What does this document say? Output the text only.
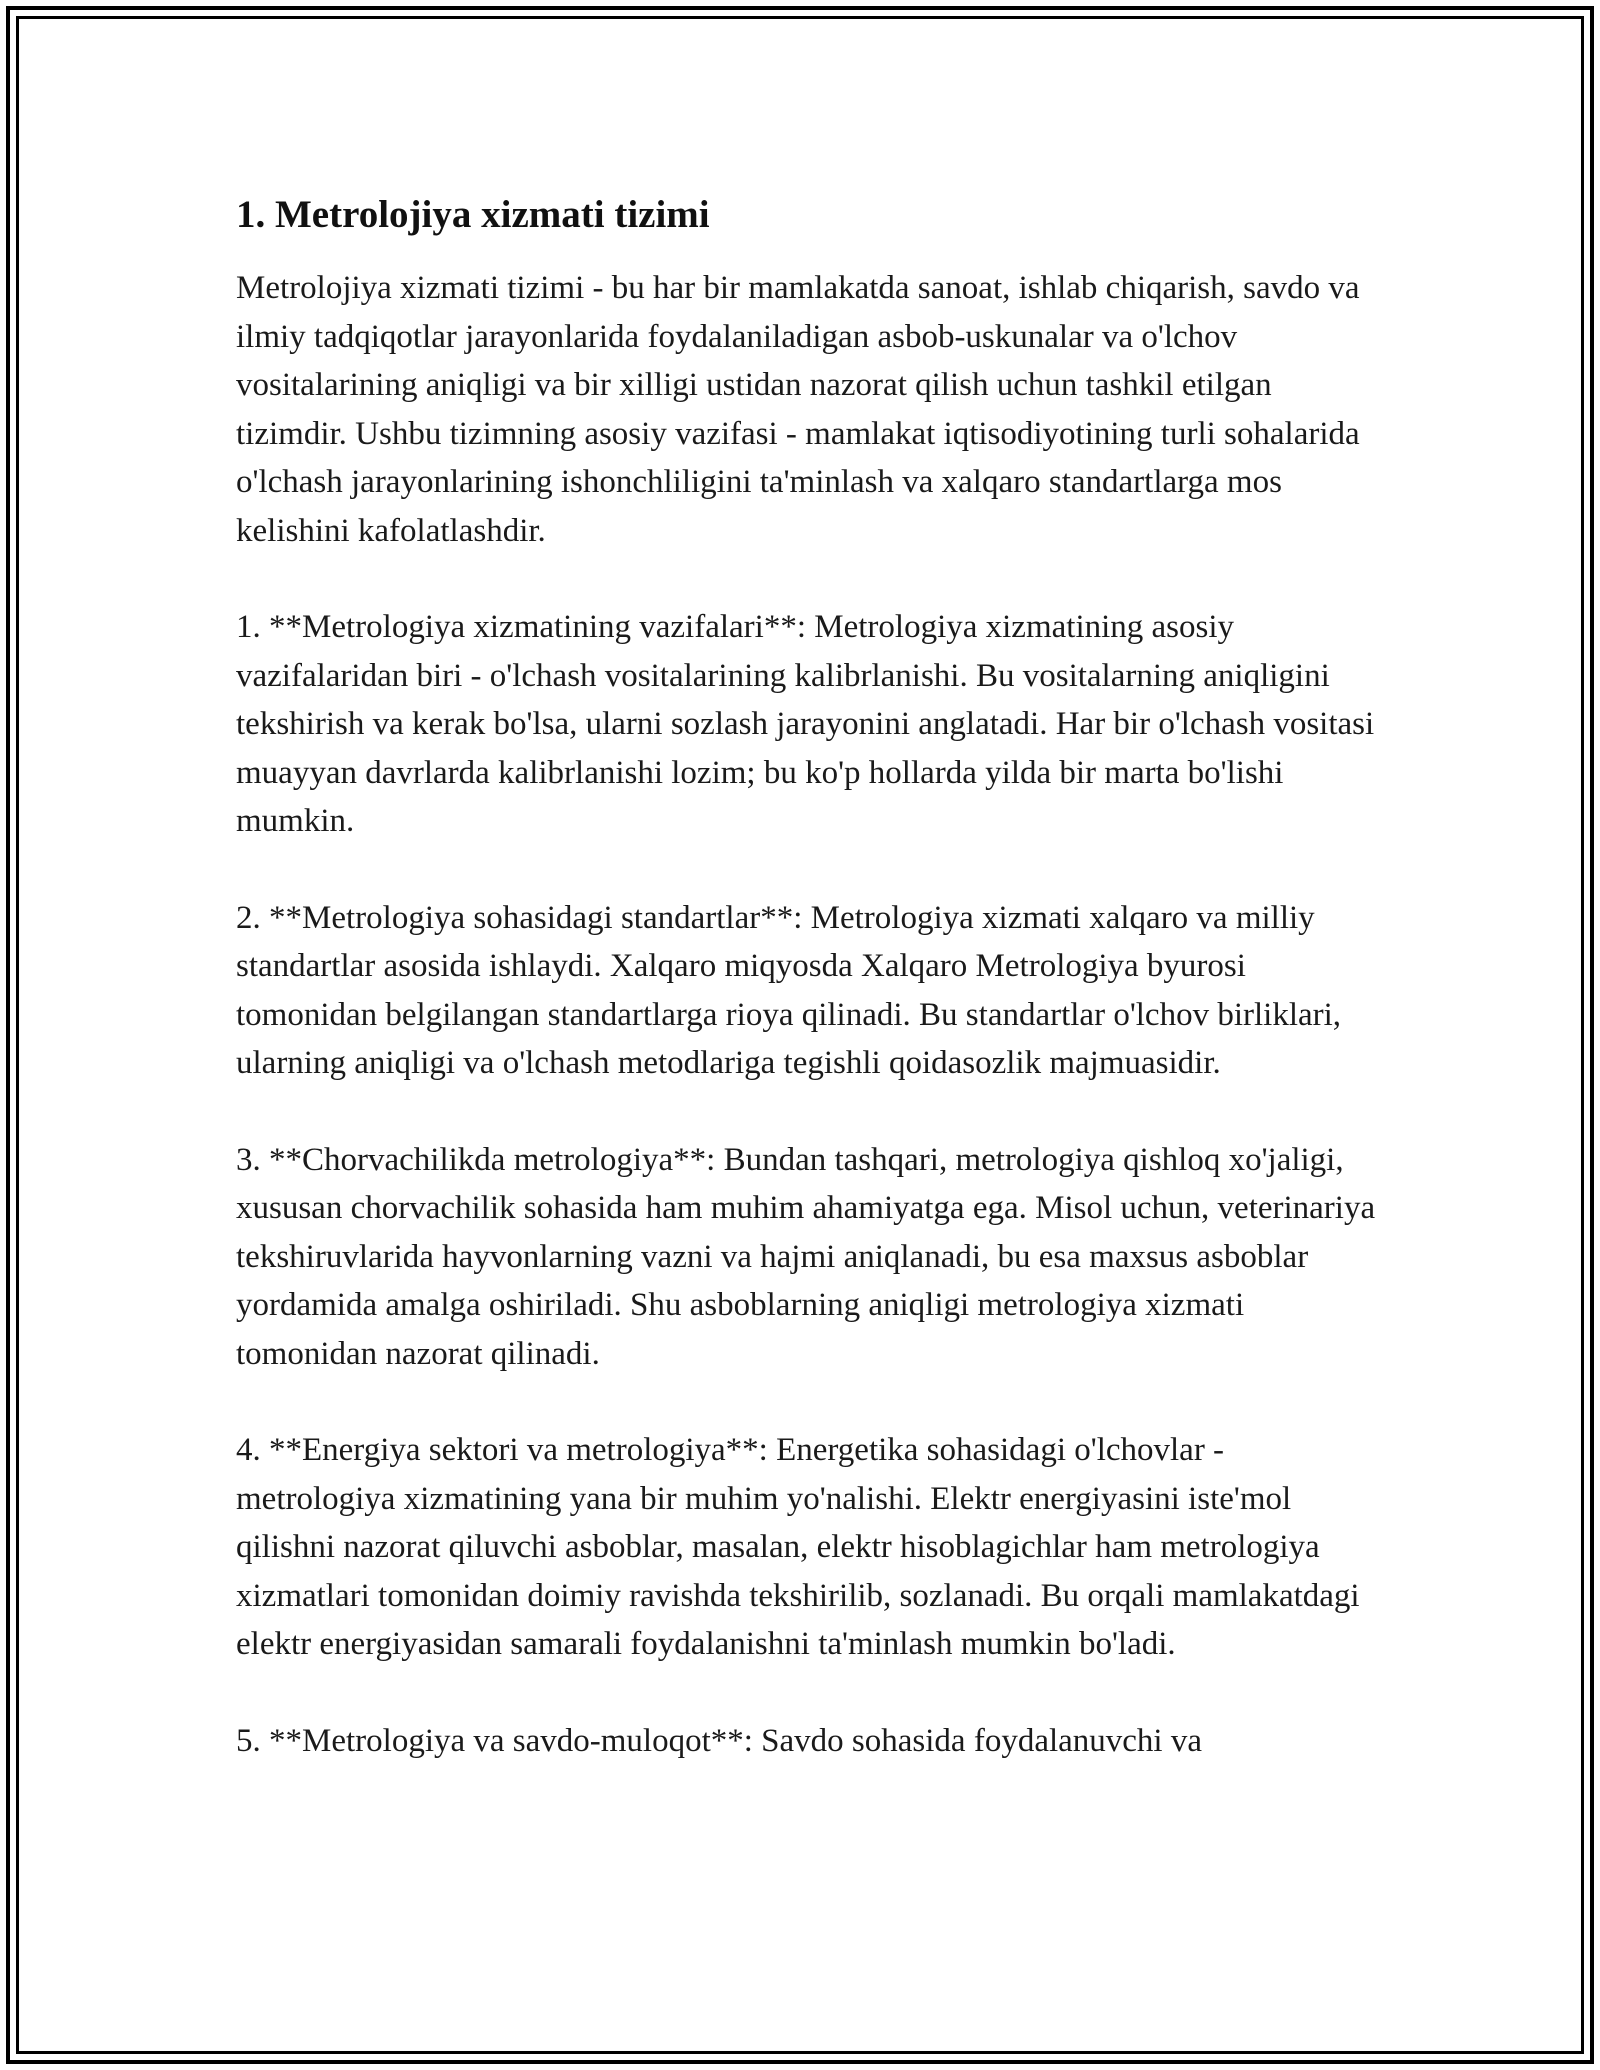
1. Metrolojiya xizmati tizimi

Metrolojiya xizmati tizimi - bu har bir mamlakatda sanoat, ishlab chiqarish, savdo va ilmiy tadqiqotlar jarayonlarida foydalaniladigan asbob-uskunalar va o'lchov vositalarining aniqligi va bir xilligi ustidan nazorat qilish uchun tashkil etilgan tizimdir. Ushbu tizimning asosiy vazifasi - mamlakat iqtisodiyotining turli sohalarida o'lchash jarayonlarining ishonchliligini ta'minlash va xalqaro standartlarga mos kelishini kafolatlashdir.

1. **Metrologiya xizmatining vazifalari**: Metrologiya xizmatining asosiy vazifalaridan biri - o'lchash vositalarining kalibrlanishi. Bu vositalarning aniqligini tekshirish va kerak bo'lsa, ularni sozlash jarayonini anglatadi. Har bir o'lchash vositasi muayyan davrlarda kalibrlanishi lozim; bu ko'p hollarda yilda bir marta bo'lishi mumkin.

2. **Metrologiya sohasidagi standartlar**: Metrologiya xizmati xalqaro va milliy standartlar asosida ishlaydi. Xalqaro miqyosda Xalqaro Metrologiya byurosi tomonidan belgilangan standartlarga rioya qilinadi. Bu standartlar o'lchov birliklari, ularning aniqligi va o'lchash metodlariga tegishli qoidasozlik majmuasidir.

3. **Chorvachilikda metrologiya**: Bundan tashqari, metrologiya qishloq xo'jaligi, xususan chorvachilik sohasida ham muhim ahamiyatga ega. Misol uchun, veterinariya tekshiruvlarida hayvonlarning vazni va hajmi aniqlanadi, bu esa maxsus asboblar yordamida amalga oshiriladi. Shu asboblarning aniqligi metrologiya xizmati tomonidan nazorat qilinadi.

4. **Energiya sektori va metrologiya**: Energetika sohasidagi o'lchovlar - metrologiya xizmatining yana bir muhim yo'nalishi. Elektr energiyasini iste'mol qilishni nazorat qiluvchi asboblar, masalan, elektr hisoblagichlar ham metrologiya xizmatlari tomonidan doimiy ravishda tekshirilib, sozlanadi. Bu orqali mamlakatdagi elektr energiyasidan samarali foydalanishni ta'minlash mumkin bo'ladi.

5. **Metrologiya va savdo-muloqot**: Savdo sohasida foydalanuvchi va
